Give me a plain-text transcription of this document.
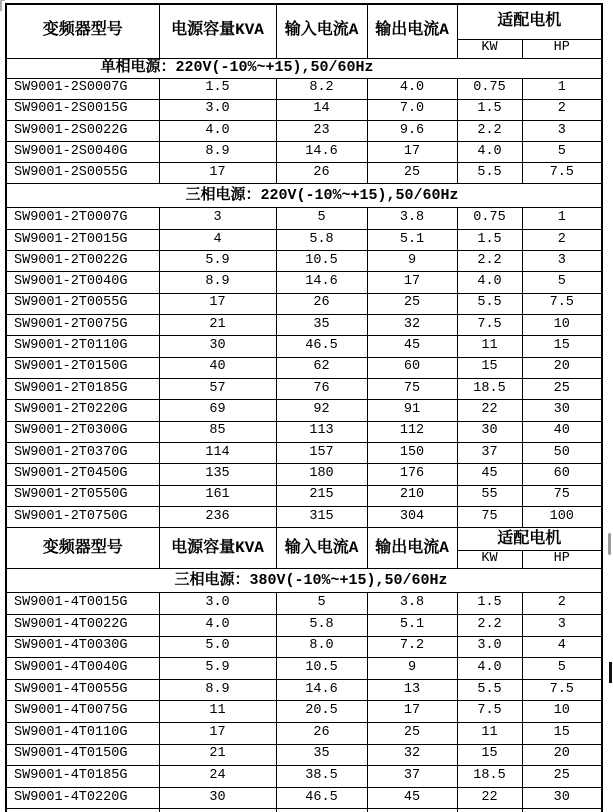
变频器型号	电源容量KVA	输入电流A	输出电流A	适配电机	
				KW	HP
单相电源：220V(-10%~+15),50/60Hz					
SW9001-2S0007G	1.5	8.2	4.0	0.75	1
SW9001-2S0015G	3.0	14	7.0	1.5	2
SW9001-2S0022G	4.0	23	9.6	2.2	3
SW9001-2S0040G	8.9	14.6	17	4.0	5
SW9001-2S0055G	17	26	25	5.5	7.5
三相电源：220V(-10%~+15),50/60Hz					
SW9001-2T0007G	3	5	3.8	0.75	1
SW9001-2T0015G	4	5.8	5.1	1.5	2
SW9001-2T0022G	5.9	10.5	9	2.2	3
SW9001-2T0040G	8.9	14.6	17	4.0	5
SW9001-2T0055G	17	26	25	5.5	7.5
SW9001-2T0075G	21	35	32	7.5	10
SW9001-2T0110G	30	46.5	45	11	15
SW9001-2T0150G	40	62	60	15	20
SW9001-2T0185G	57	76	75	18.5	25
SW9001-2T0220G	69	92	91	22	30
SW9001-2T0300G	85	113	112	30	40
SW9001-2T0370G	114	157	150	37	50
SW9001-2T0450G	135	180	176	45	60
SW9001-2T0550G	161	215	210	55	75
SW9001-2T0750G	236	315	304	75	100
变频器型号	电源容量KVA	输入电流A	输出电流A	适配电机	
				KW	HP
三相电源：380V(-10%~+15),50/60Hz					
SW9001-4T0015G	3.0	5	3.8	1.5	2
SW9001-4T0022G	4.0	5.8	5.1	2.2	3
SW9001-4T0030G	5.0	8.0	7.2	3.0	4
SW9001-4T0040G	5.9	10.5	9	4.0	5
SW9001-4T0055G	8.9	14.6	13	5.5	7.5
SW9001-4T0075G	11	20.5	17	7.5	10
SW9001-4T0110G	17	26	25	11	15
SW9001-4T0150G	21	35	32	15	20
SW9001-4T0185G	24	38.5	37	18.5	25
SW9001-4T0220G	30	46.5	45	22	30
